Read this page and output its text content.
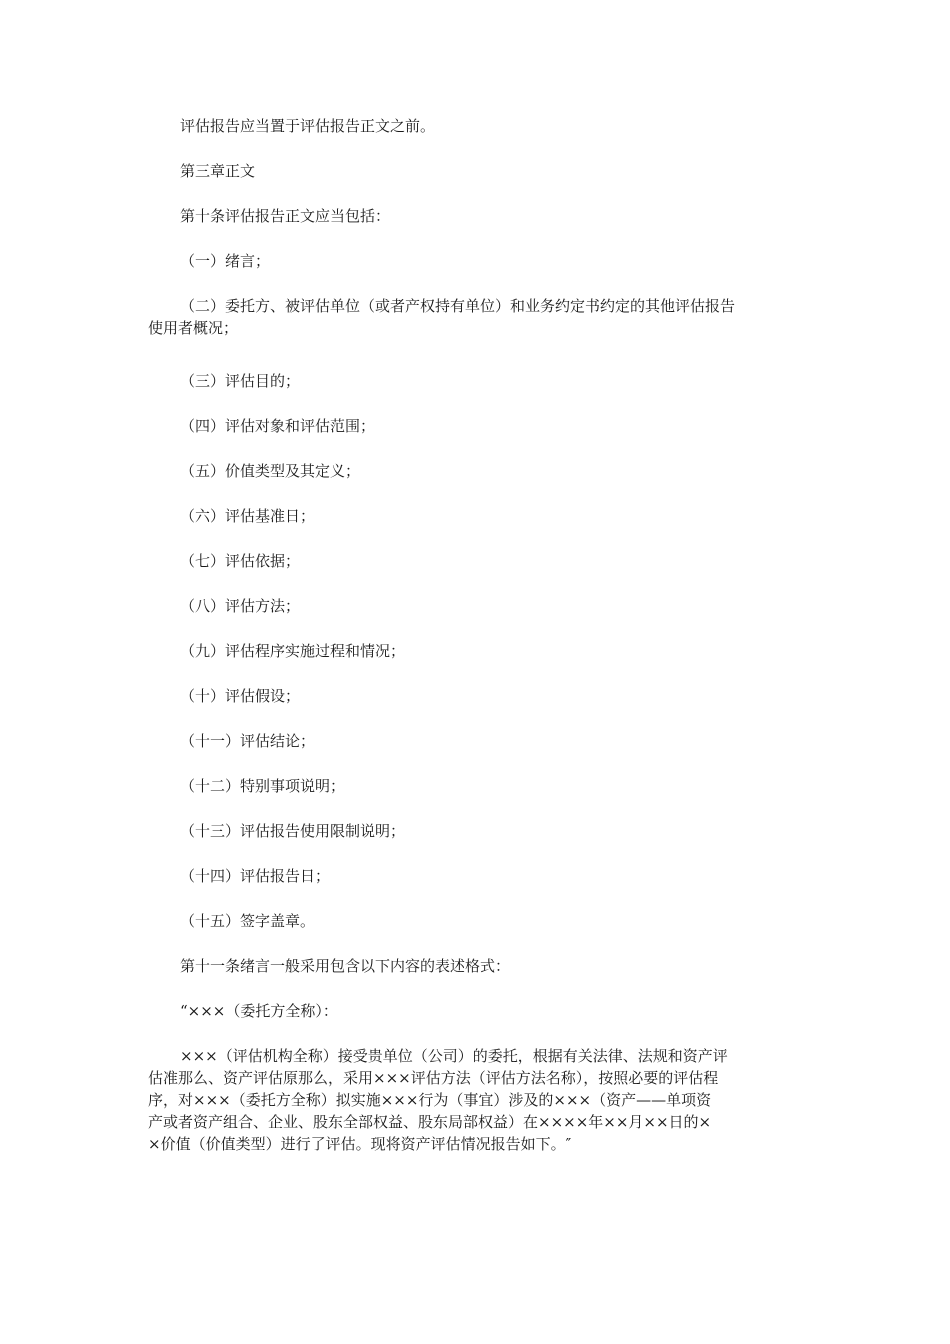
评估报告应当置于评估报告正文之前。
第三章正文
第十条评估报告正文应当包括：
（一）绪言；

（二）委托方、被评估单位（或者产权持有单位）和业务约定书约定的其他评估报告

使用者概况；

（三）评估目的；
（四）评估对象和评估范围；
（五）价值类型及其定义；
（六）评估基准日；
（七）评估依据；
（八）评估方法；
（九）评估程序实施过程和情况；
（十）评估假设；
（十一）评估结论；
（十二）特别事项说明；
（十三）评估报告使用限制说明；
（十四）评估报告日；
（十五）签字盖章。
第十一条绪言一般采用包含以下内容的表述格式：
“×××（委托方全称）：

×××（评估机构全称）接受贵单位（公司）的委托，根据有关法律、法规和资产评

估准那么、资产评估原那么，采用×××评估方法（评估方法名称），按照必要的评估程

序，对×××（委托方全称）拟实施×××行为（事宜）涉及的×××（资产——单项资

产或者资产组合、企业、股东全部权益、股东局部权益）在××××年××月××日的×

×价值（价值类型）进行了评估。现将资产评估情况报告如下。″
